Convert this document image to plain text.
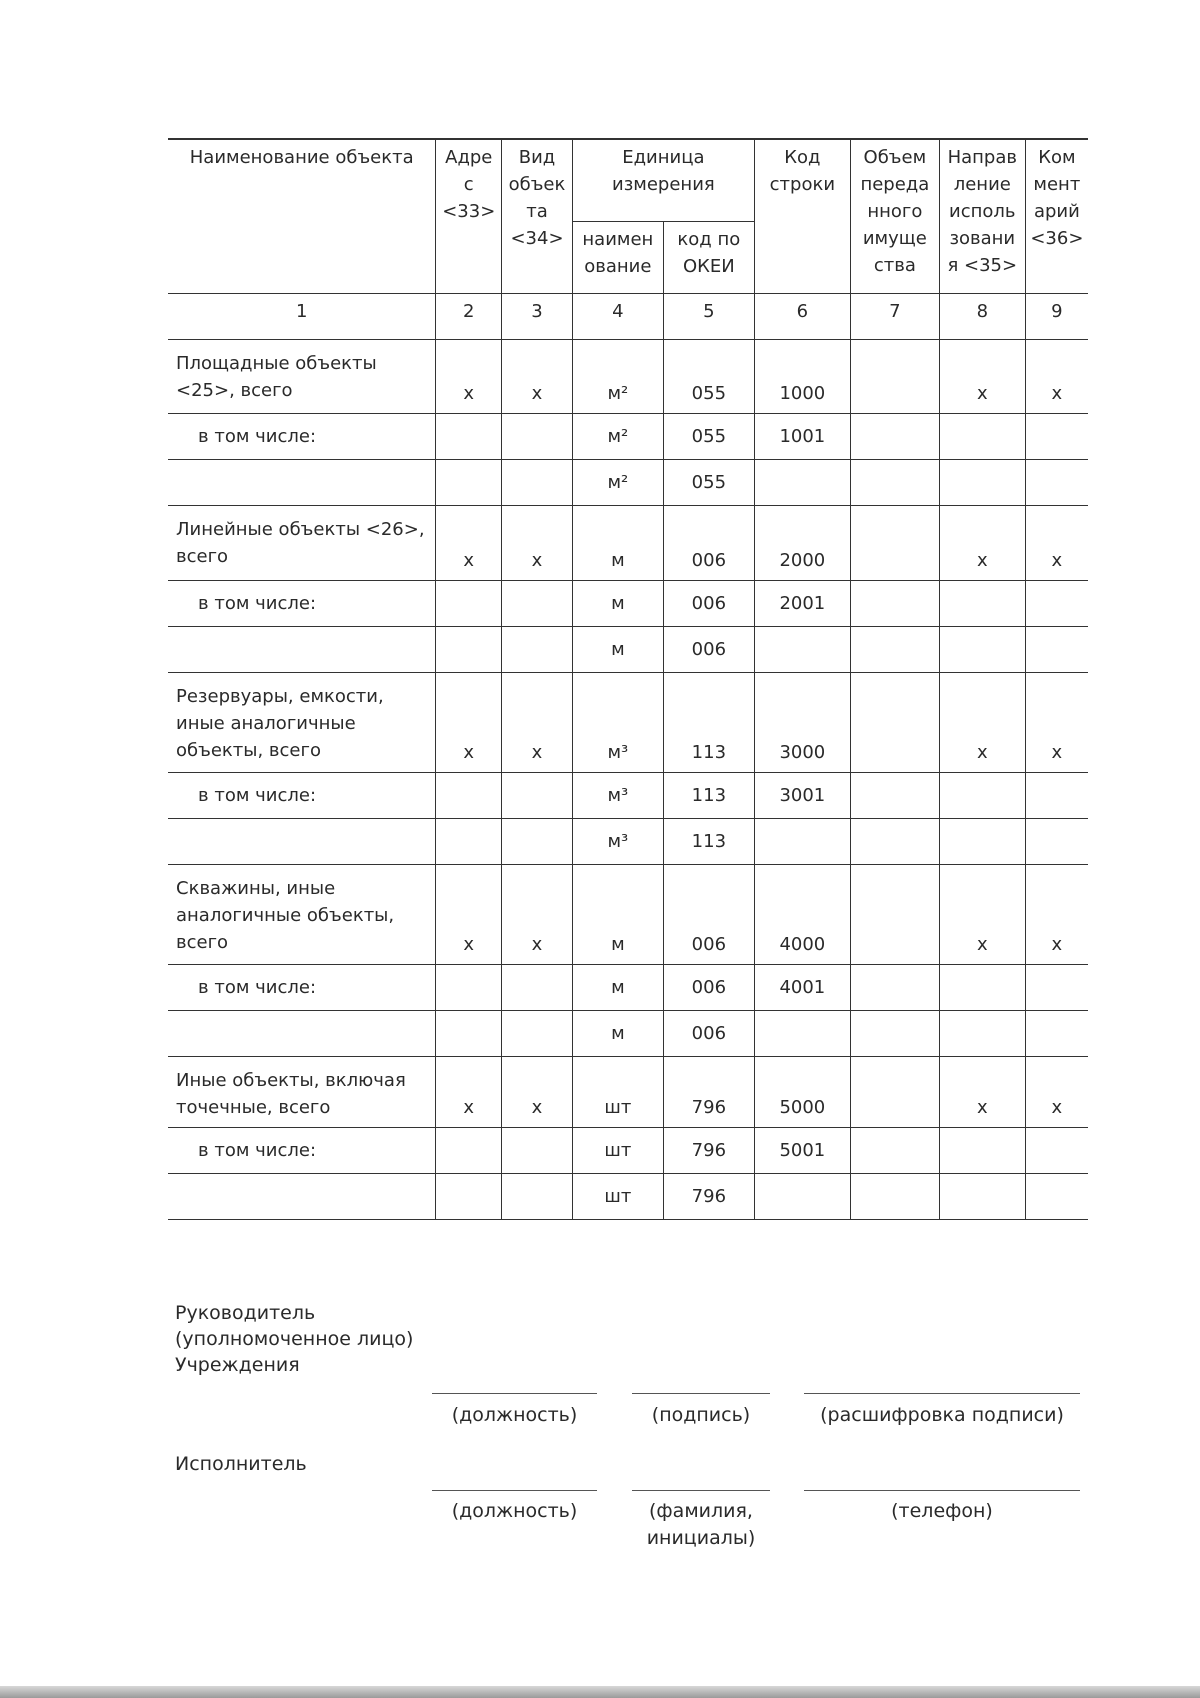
Наименование объекта	Адре с <33>	Вид объек та <34>	Единица измерения		Код строки	Объем переда нного имуще ства	Направ ление исполь зовани я <35>	Ком мент арий <36>
			наимен ование	код по ОКЕИ				
1	2	3	4	5	6	7	8	9
Площадные объекты <25>, всего	x	x	м²	055	1000		x	x
в том числе:			м²	055	1001			
			м²	055				
Линейные объекты <26>, всего	x	x	м	006	2000		x	x
в том числе:			м	006	2001			
			м	006				
Резервуары, емкости, иные аналогичные объекты, всего	x	x	м³	113	3000		x	x
в том числе:			м³	113	3001			
			м³	113				
Скважины, иные аналогичные объекты, всего	x	x	м	006	4000		x	x
в том числе:			м	006	4001			
			м	006				
Иные объекты, включая точечные, всего	x	x	шт	796	5000		x	x
в том числе:			шт	796	5001			
			шт	796				
Руководитель (уполномоченное лицо) Учреждения
(должность)	(подпись)	(расшифровка подписи)
Исполнитель
(должность)	(фамилия, инициалы)
(телефон)
